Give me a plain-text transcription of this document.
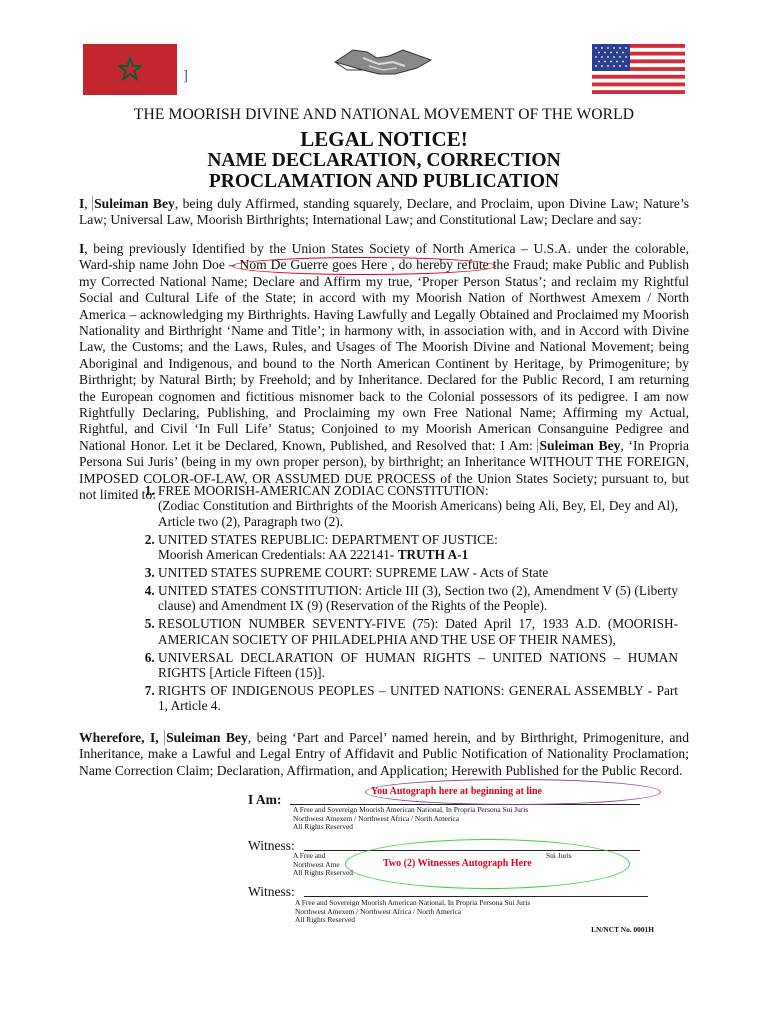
]
THE MOORISH DIVINE AND NATIONAL MOVEMENT OF THE WORLD
LEGAL NOTICE!
NAME DECLARATION, CORRECTION
PROCLAMATION AND PUBLICATION
I, Suleiman Bey, being duly Affirmed, standing squarely, Declare, and Proclaim, upon Divine Law; Nature’s Law; Universal Law, Moorish Birthrights; International Law; and Constitutional Law; Declare and say:
I, being previously Identified by the Union States Society of North America – U.S.A. under the colorable, Ward-ship name John Doe – Nom De Guerre goes Here , do hereby refute the Fraud; make Public and Publish my Corrected National Name; Declare and Affirm my true, ‘Proper Person Status’; and reclaim my Rightful Social and Cultural Life of the State; in accord with my Moorish Nation of Northwest Amexem / North America – acknowledging my Birthrights. Having Lawfully and Legally Obtained and Proclaimed my Moorish Nationality and Birthright ‘Name and Title’; in harmony with, in association with, and in Accord with Divine Law, the Customs; and the Laws, Rules, and Usages of The Moorish Divine and National Movement; being Aboriginal and Indigenous, and bound to the North American Continent by Heritage, by Primogeniture; by Birthright; by Natural Birth; by Freehold; and by Inheritance. Declared for the Public Record, I am returning the European cognomen and fictitious misnomer back to the Colonial possessors of its pedigree. I am now Rightfully Declaring, Publishing, and Proclaiming my own Free National Name; Affirming my Actual, Rightful, and Civil ‘In Full Life’ Status; Conjoined to my Moorish American Consanguine Pedigree and National Honor. Let it be Declared, Known, Published, and Resolved that: I Am: Suleiman Bey, ‘In Propria Persona Sui Juris’ (being in my own proper person), by birthright; an Inheritance WITHOUT THE FOREIGN, IMPOSED COLOR-OF-LAW, OR ASSUMED DUE PROCESS of the Union States Society; pursuant to, but not limited to:
1. FREE MOORISH-AMERICAN ZODIAC CONSTITUTION:
(Zodiac Constitution and Birthrights of the Moorish Americans) being Ali, Bey, El, Dey and Al), Article two (2), Paragraph two (2).
2. UNITED STATES REPUBLIC: DEPARTMENT OF JUSTICE:
Moorish American Credentials: AA 222141- TRUTH A-1
3. UNITED STATES SUPREME COURT: SUPREME LAW - Acts of State
4. UNITED STATES CONSTITUTION: Article III (3), Section two (2), Amendment V (5) (Liberty clause) and Amendment IX (9) (Reservation of the Rights of the People).
5. RESOLUTION NUMBER SEVENTY-FIVE (75): Dated April 17, 1933 A.D. (MOORISH-AMERICAN SOCIETY OF PHILADELPHIA AND THE USE OF THEIR NAMES),
6. UNIVERSAL DECLARATION OF HUMAN RIGHTS – UNITED NATIONS – HUMAN RIGHTS [Article Fifteen (15)].
7. RIGHTS OF INDIGENOUS PEOPLES – UNITED NATIONS: GENERAL ASSEMBLY - Part 1, Article 4.
Wherefore, I, Suleiman Bey, being ‘Part and Parcel’ named herein, and by Birthright, Primogeniture, and Inheritance, make a Lawful and Legal Entry of Affidavit and Public Notification of Nationality Proclamation; Name Correction Claim; Declaration, Affirmation, and Application; Herewith Published for the Public Record.
I Am:
A Free and Sovereign Moorish American National, In Propria Persona Sui Juris
Northwest Amexem / Northwest Africa / North America
All Rights Reserved
You Autograph here at beginning at line
Witness:
A Free and
Northwest Ame
All Rights Reserved
Sui Juris
Two (2) Witnesses Autograph Here
Witness:
A Free and Sovereign Moorish American National, In Propria Persona Sui Juris
Northwest Amexem / Northwest Africa / North America
All Rights Reserved
LN/NCT No. 0001H
